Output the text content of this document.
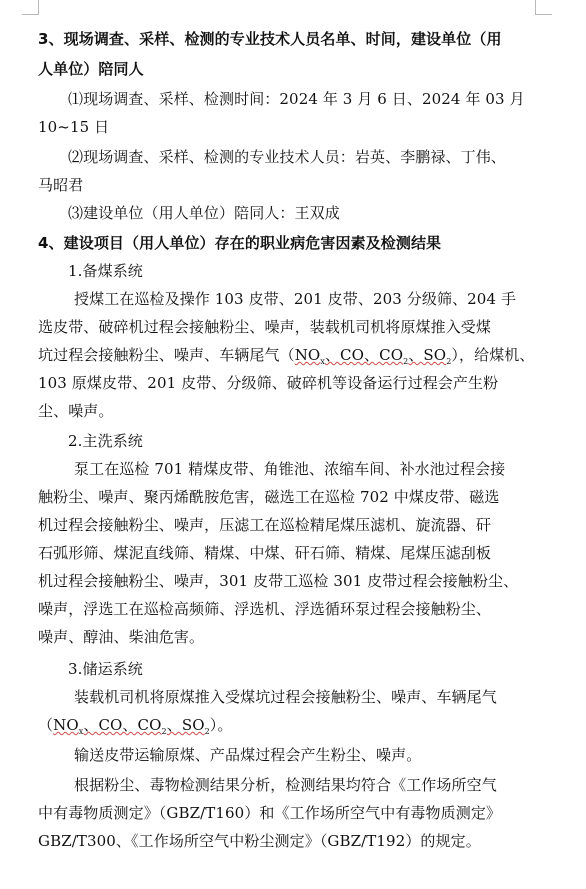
3、现场调查、采样、检测的专业技术人员名单、时间，建设单位（用

人单位）陪同人

⑴现场调查、采样、检测时间：2024 年 3 月 6 日、2024 年 03 月

10~15 日

⑵现场调查、采样、检测的专业技术人员：岩英、李鹏禄、丁伟、

马昭君

⑶建设单位（用人单位）陪同人：王双成

4、建设项目（用人单位）存在的职业病危害因素及检测结果

1.备煤系统

授煤工在巡检及操作 103 皮带、201 皮带、203 分级筛、204 手

选皮带、破碎机过程会接触粉尘、噪声，装载机司机将原煤推入受煤

坑过程会接触粉尘、噪声、车辆尾气（$NO_x$、CO、$CO_2$、$SO_2$），给煤机、

103 原煤皮带、201 皮带、分级筛、破碎机等设备运行过程会产生粉

尘、噪声。

2.主洗系统

泵工在巡检 701 精煤皮带、角锥池、浓缩车间、补水池过程会接

触粉尘、噪声、聚丙烯酰胺危害，磁选工在巡检 702 中煤皮带、磁选

机过程会接触粉尘、噪声，压滤工在巡检精尾煤压滤机、旋流器、矸

石弧形筛、煤泥直线筛、精煤、中煤、矸石筛、精煤、尾煤压滤刮板

机过程会接触粉尘、噪声，301 皮带工巡检 301 皮带过程会接触粉尘、

噪声，浮选工在巡检高频筛、浮选机、浮选循环泵过程会接触粉尘、

噪声、醇油、柴油危害。

3.储运系统

装载机司机将原煤推入受煤坑过程会接触粉尘、噪声、车辆尾气

（$NO_x$、CO、$CO_2$、$SO_2$）。

输送皮带运输原煤、产品煤过程会产生粉尘、噪声。

根据粉尘、毒物检测结果分析，检测结果均符合《工作场所空气

中有毒物质测定》（GBZ/T160）和《工作场所空气中有毒物质测定》

GBZ/T300、《工作场所空气中粉尘测定》（GBZ/T192）的规定。
